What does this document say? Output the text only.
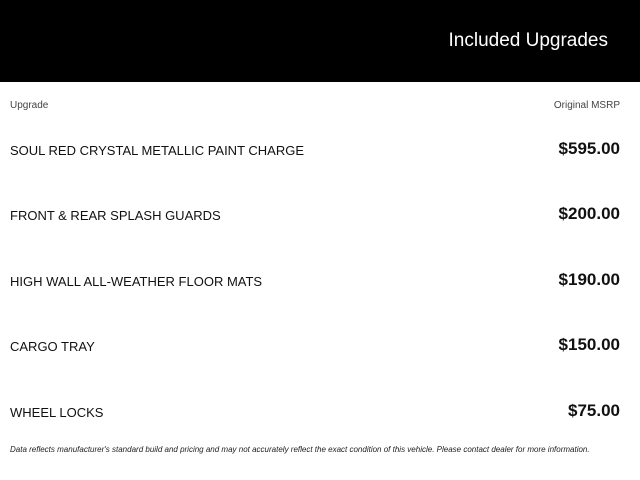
Included Upgrades
Upgrade	Original MSRP
SOUL RED CRYSTAL METALLIC PAINT CHARGE	$595.00
FRONT & REAR SPLASH GUARDS	$200.00
HIGH WALL ALL-WEATHER FLOOR MATS	$190.00
CARGO TRAY	$150.00
WHEEL LOCKS	$75.00
Data reflects manufacturer's standard build and pricing and may not accurately reflect the exact condition of this vehicle. Please contact dealer for more information.
